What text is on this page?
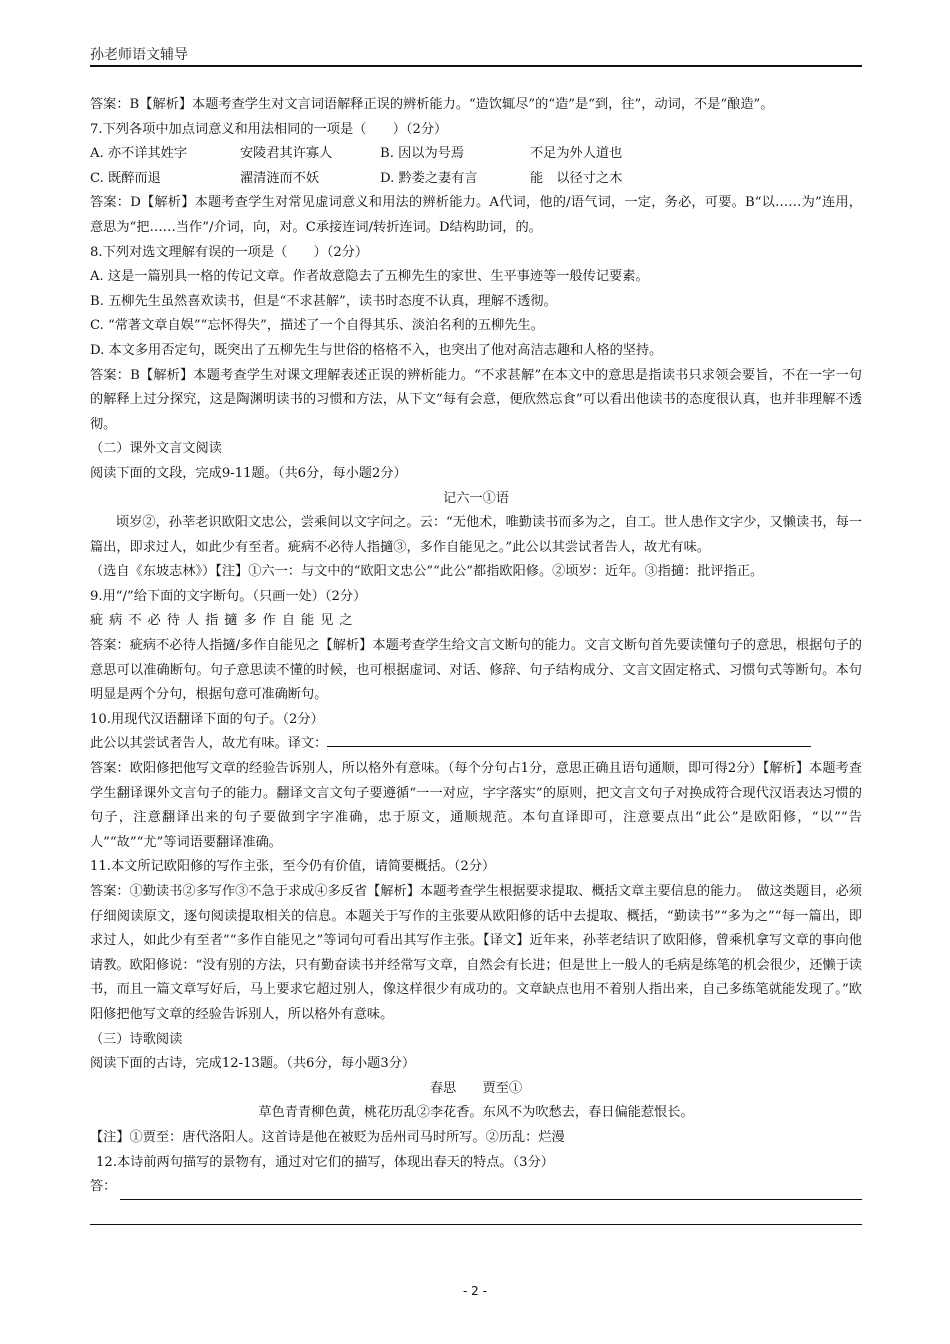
孙老师语文辅导

答案：B【解析】本题考查学生对文言词语解释正误的辨析能力。“造饮辄尽”的“造”是“到，往”，动词，不是“酿造”。

7.下列各项中加点词意义和用法相同的一项是（　　）（2分）

A. 亦不详其姓字	安陵君其许寡人	B. 因以为号焉	不足为外人道也
C. 既醉而退	濯清涟而不妖	D. 黔娄之妻有言	能　以径寸之木

答案：D【解析】本题考查学生对常见虚词意义和用法的辨析能力。A代词，他的/语气词，一定，务必，可要。B“以……为”连用，意思为“把……当作”/介词，向，对。C承接连词/转折连词。D结构助词，的。

8.下列对选文理解有误的一项是（　　）（2分）

A. 这是一篇别具一格的传记文章。作者故意隐去了五柳先生的家世、生平事迹等一般传记要素。

B. 五柳先生虽然喜欢读书，但是“不求甚解”，读书时态度不认真，理解不透彻。

C. “常著文章自娱”“忘怀得失”，描述了一个自得其乐、淡泊名利的五柳先生。

D. 本文多用否定句，既突出了五柳先生与世俗的格格不入，也突出了他对高洁志趣和人格的坚持。

答案：B【解析】本题考查学生对课文理解表述正误的辨析能力。“不求甚解”在本文中的意思是指读书只求领会要旨，不在一字一句的解释上过分探究，这是陶渊明读书的习惯和方法，从下文“每有会意，便欣然忘食”可以看出他读书的态度很认真，也并非理解不透彻。

（二）课外文言文阅读

阅读下面的文段，完成9-11题。（共6分，每小题2分）

记六一①语

顷岁②，孙莘老识欧阳文忠公，尝乘间以文字问之。云：“无他术，唯勤读书而多为之，自工。世人患作文字少，又懒读书，每一篇出，即求过人，如此少有至者。疵病不必待人指擿③，多作自能见之。”此公以其尝试者告人，故尤有味。

（选自《东坡志林》）【注】①六一：与文中的“欧阳文忠公”“此公”都指欧阳修。②顷岁：近年。③指擿：批评指正。

9.用“/”给下面的文字断句。（只画一处）（2分）

疵病不必待人指擿多作自能见之

答案：疵病不必待人指擿/多作自能见之【解析】本题考查学生给文言文断句的能力。文言文断句首先要读懂句子的意思，根据句子的意思可以准确断句。句子意思读不懂的时候，也可根据虚词、对话、修辞、句子结构成分、文言文固定格式、习惯句式等断句。本句明显是两个分句，根据句意可准确断句。

10.用现代汉语翻译下面的句子。（2分）

此公以其尝试者告人，故尤有味。译文：

答案：欧阳修把他写文章的经验告诉别人，所以格外有意味。（每个分句占1分，意思正确且语句通顺，即可得2分）【解析】本题考查学生翻译课外文言句子的能力。翻译文言文句子要遵循“一一对应，字字落实”的原则，把文言文句子对换成符合现代汉语表达习惯的句子，注意翻译出来的句子要做到字字准确，忠于原文，通顺规范。本句直译即可，注意要点出“此公”是欧阳修，“以”“告人”“故”“尤”等词语要翻译准确。

11.本文所记欧阳修的写作主张，至今仍有价值，请简要概括。（2分）

答案：①勤读书②多写作③不急于求成④多反省【解析】本题考查学生根据要求提取、概括文章主要信息的能力。　做这类题目，必须仔细阅读原文，逐句阅读提取相关的信息。本题关于写作的主张要从欧阳修的话中去提取、概括，“勤读书”“多为之”“每一篇出，即求过人，如此少有至者”“多作自能见之”等词句可看出其写作主张。【译文】近年来，孙莘老结识了欧阳修，曾乘机拿写文章的事向他请教。欧阳修说：“没有别的方法，只有勤奋读书并经常写文章，自然会有长进；但是世上一般人的毛病是练笔的机会很少，还懒于读书，而且一篇文章写好后，马上要求它超过别人，像这样很少有成功的。文章缺点也用不着别人指出来，自己多练笔就能发现了。”欧阳修把他写文章的经验告诉别人，所以格外有意味。

（三）诗歌阅读

阅读下面的古诗，完成12-13题。（共6分，每小题3分）

春思　　贾至①

草色青青柳色黄，桃花历乱②李花香。东风不为吹愁去，春日偏能惹恨长。

【注】①贾至：唐代洛阳人。这首诗是他在被贬为岳州司马时所写。②历乱：烂漫

12.本诗前两句描写的景物有，通过对它们的描写，体现出春天的特点。（3分）

答：
- 2 -
